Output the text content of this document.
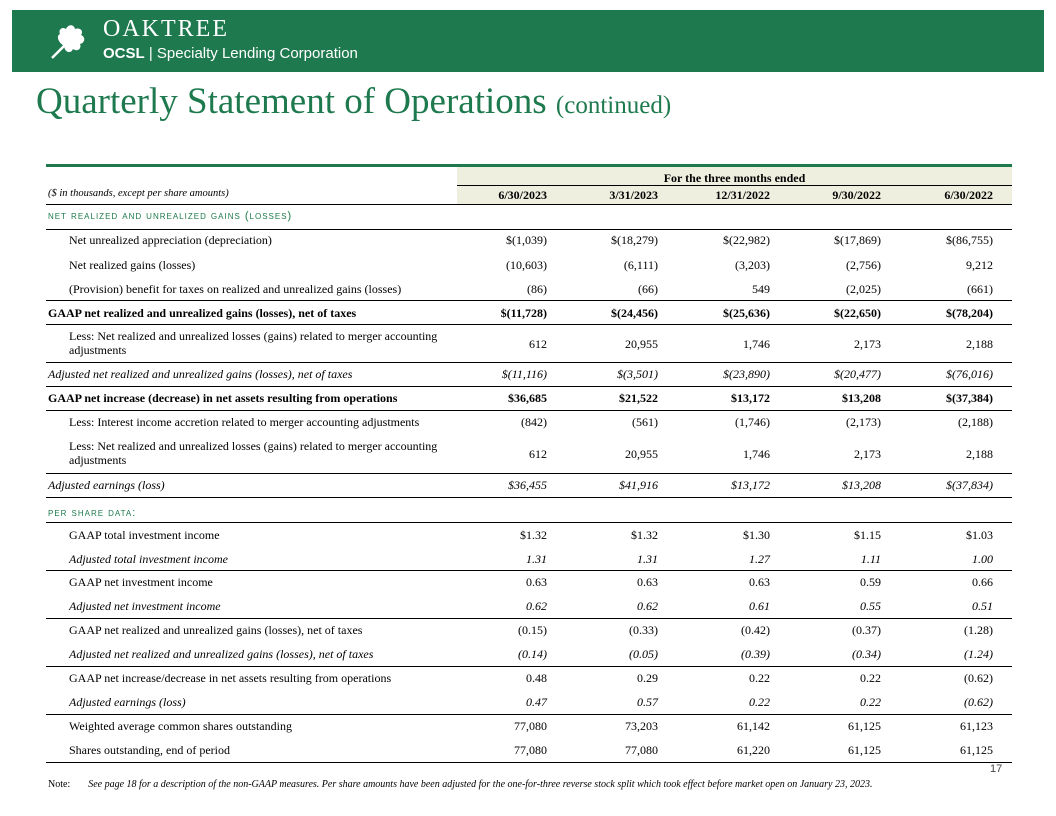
OAKTREE
OCSL | Specialty Lending Corporation
Quarterly Statement of Operations (continued)
For the three months ended
($ in thousands, except per share amounts)	6/30/2023	3/31/2023	12/31/2022	9/30/2022	6/30/2022
net realized and unrealized gains (losses)
Net unrealized appreciation (depreciation)	$(1,039)	$(18,279)	$(22,982)	$(17,869)	$(86,755)
Net realized gains (losses)	(10,603)	(6,111)	(3,203)	(2,756)	9,212
(Provision) benefit for taxes on realized and unrealized gains (losses)	(86)	(66)	549	(2,025)	(661)
GAAP net realized and unrealized gains (losses), net of taxes	$(11,728)	$(24,456)	$(25,636)	$(22,650)	$(78,204)
Less: Net realized and unrealized losses (gains) related to merger accounting adjustments	612	20,955	1,746	2,173	2,188
Adjusted net realized and unrealized gains (losses), net of taxes	$(11,116)	$(3,501)	$(23,890)	$(20,477)	$(76,016)
GAAP net increase (decrease) in net assets resulting from operations	$36,685	$21,522	$13,172	$13,208	$(37,384)
Less: Interest income accretion related to merger accounting adjustments	(842)	(561)	(1,746)	(2,173)	(2,188)
Less: Net realized and unrealized losses (gains) related to merger accounting adjustments	612	20,955	1,746	2,173	2,188
Adjusted earnings (loss)	$36,455	$41,916	$13,172	$13,208	$(37,834)
GAAP total investment income	$1.32	$1.32	$1.30	$1.15	$1.03
Adjusted total investment income	1.31	1.31	1.27	1.11	1.00
GAAP net investment income	0.63	0.63	0.63	0.59	0.66
Adjusted net investment income	0.62	0.62	0.61	0.55	0.51
GAAP net realized and unrealized gains (losses), net of taxes	(0.15)	(0.33)	(0.42)	(0.37)	(1.28)
Adjusted net realized and unrealized gains (losses), net of taxes	(0.14)	(0.05)	(0.39)	(0.34)	(1.24)
GAAP net increase/decrease in net assets resulting from operations	0.48	0.29	0.22	0.22	(0.62)
Adjusted earnings (loss)	0.47	0.57	0.22	0.22	(0.62)
Weighted average common shares outstanding	77,080	73,203	61,142	61,125	61,123
Shares outstanding, end of period	77,080	77,080	61,220	61,125	61,125
per share data:
Note: See page 18 for a description of the non-GAAP measures. Per share amounts have been adjusted for the one-for-three reverse stock split which took effect before market open on January 23, 2023.
17
